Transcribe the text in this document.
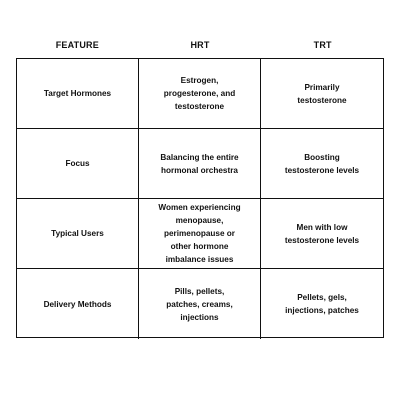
FEATURE	HRT	TRT
Target Hormones
Estrogen, progesterone, and testosterone
Primarily testosterone
Focus
Balancing the entire hormonal orchestra
Boosting testosterone levels
Typical Users
Women experiencing menopause, perimenopause or other hormone imbalance issues
Men with low testosterone levels
Delivery Methods
Pills, pellets, patches, creams, injections
Pellets, gels, injections, patches
